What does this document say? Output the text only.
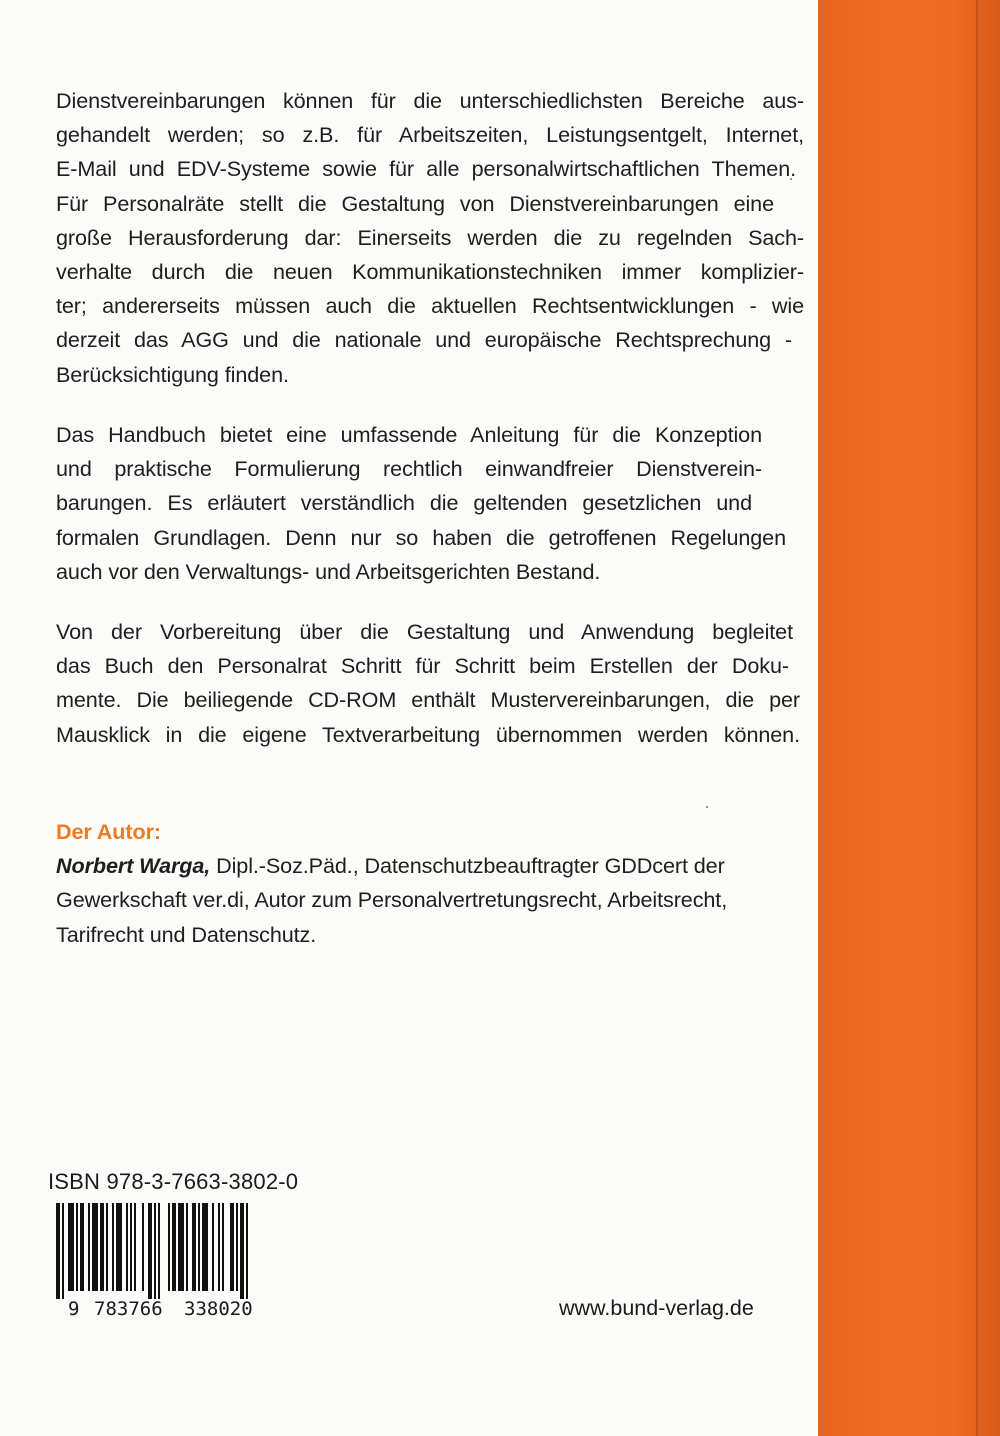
Dienstvereinbarungen können für die unterschiedlichsten Bereiche aus-
gehandelt werden; so z.B. für Arbeitszeiten, Leistungsentgelt, Internet,
E-Mail und EDV-Systeme sowie für alle personalwirtschaftlichen Themen.
Für Personalräte stellt die Gestaltung von Dienstvereinbarungen eine
große Herausforderung dar: Einerseits werden die zu regelnden Sach-
verhalte durch die neuen Kommunikationstechniken immer komplizier-
ter; andererseits müssen auch die aktuellen Rechtsentwicklungen - wie
derzeit das AGG und die nationale und europäische Rechtsprechung -
Berücksichtigung finden.
Das Handbuch bietet eine umfassende Anleitung für die Konzeption
und praktische Formulierung rechtlich einwandfreier Dienstverein-
barungen. Es erläutert verständlich die geltenden gesetzlichen und
formalen Grundlagen. Denn nur so haben die getroffenen Regelungen
auch vor den Verwaltungs- und Arbeitsgerichten Bestand.
Von der Vorbereitung über die Gestaltung und Anwendung begleitet
das Buch den Personalrat Schritt für Schritt beim Erstellen der Doku-
mente. Die beiliegende CD-ROM enthält Mustervereinbarungen, die per
Mausklick in die eigene Textverarbeitung übernommen werden können.
Der Autor:
Norbert Warga, Dipl.-Soz.Päd., Datenschutzbeauftragter GDDcert der
Gewerkschaft ver.di, Autor zum Personalvertretungsrecht, Arbeitsrecht,
Tarifrecht und Datenschutz.
ISBN 978-3-7663-3802-0
9 783766 338020	www.bund-verlag.de
